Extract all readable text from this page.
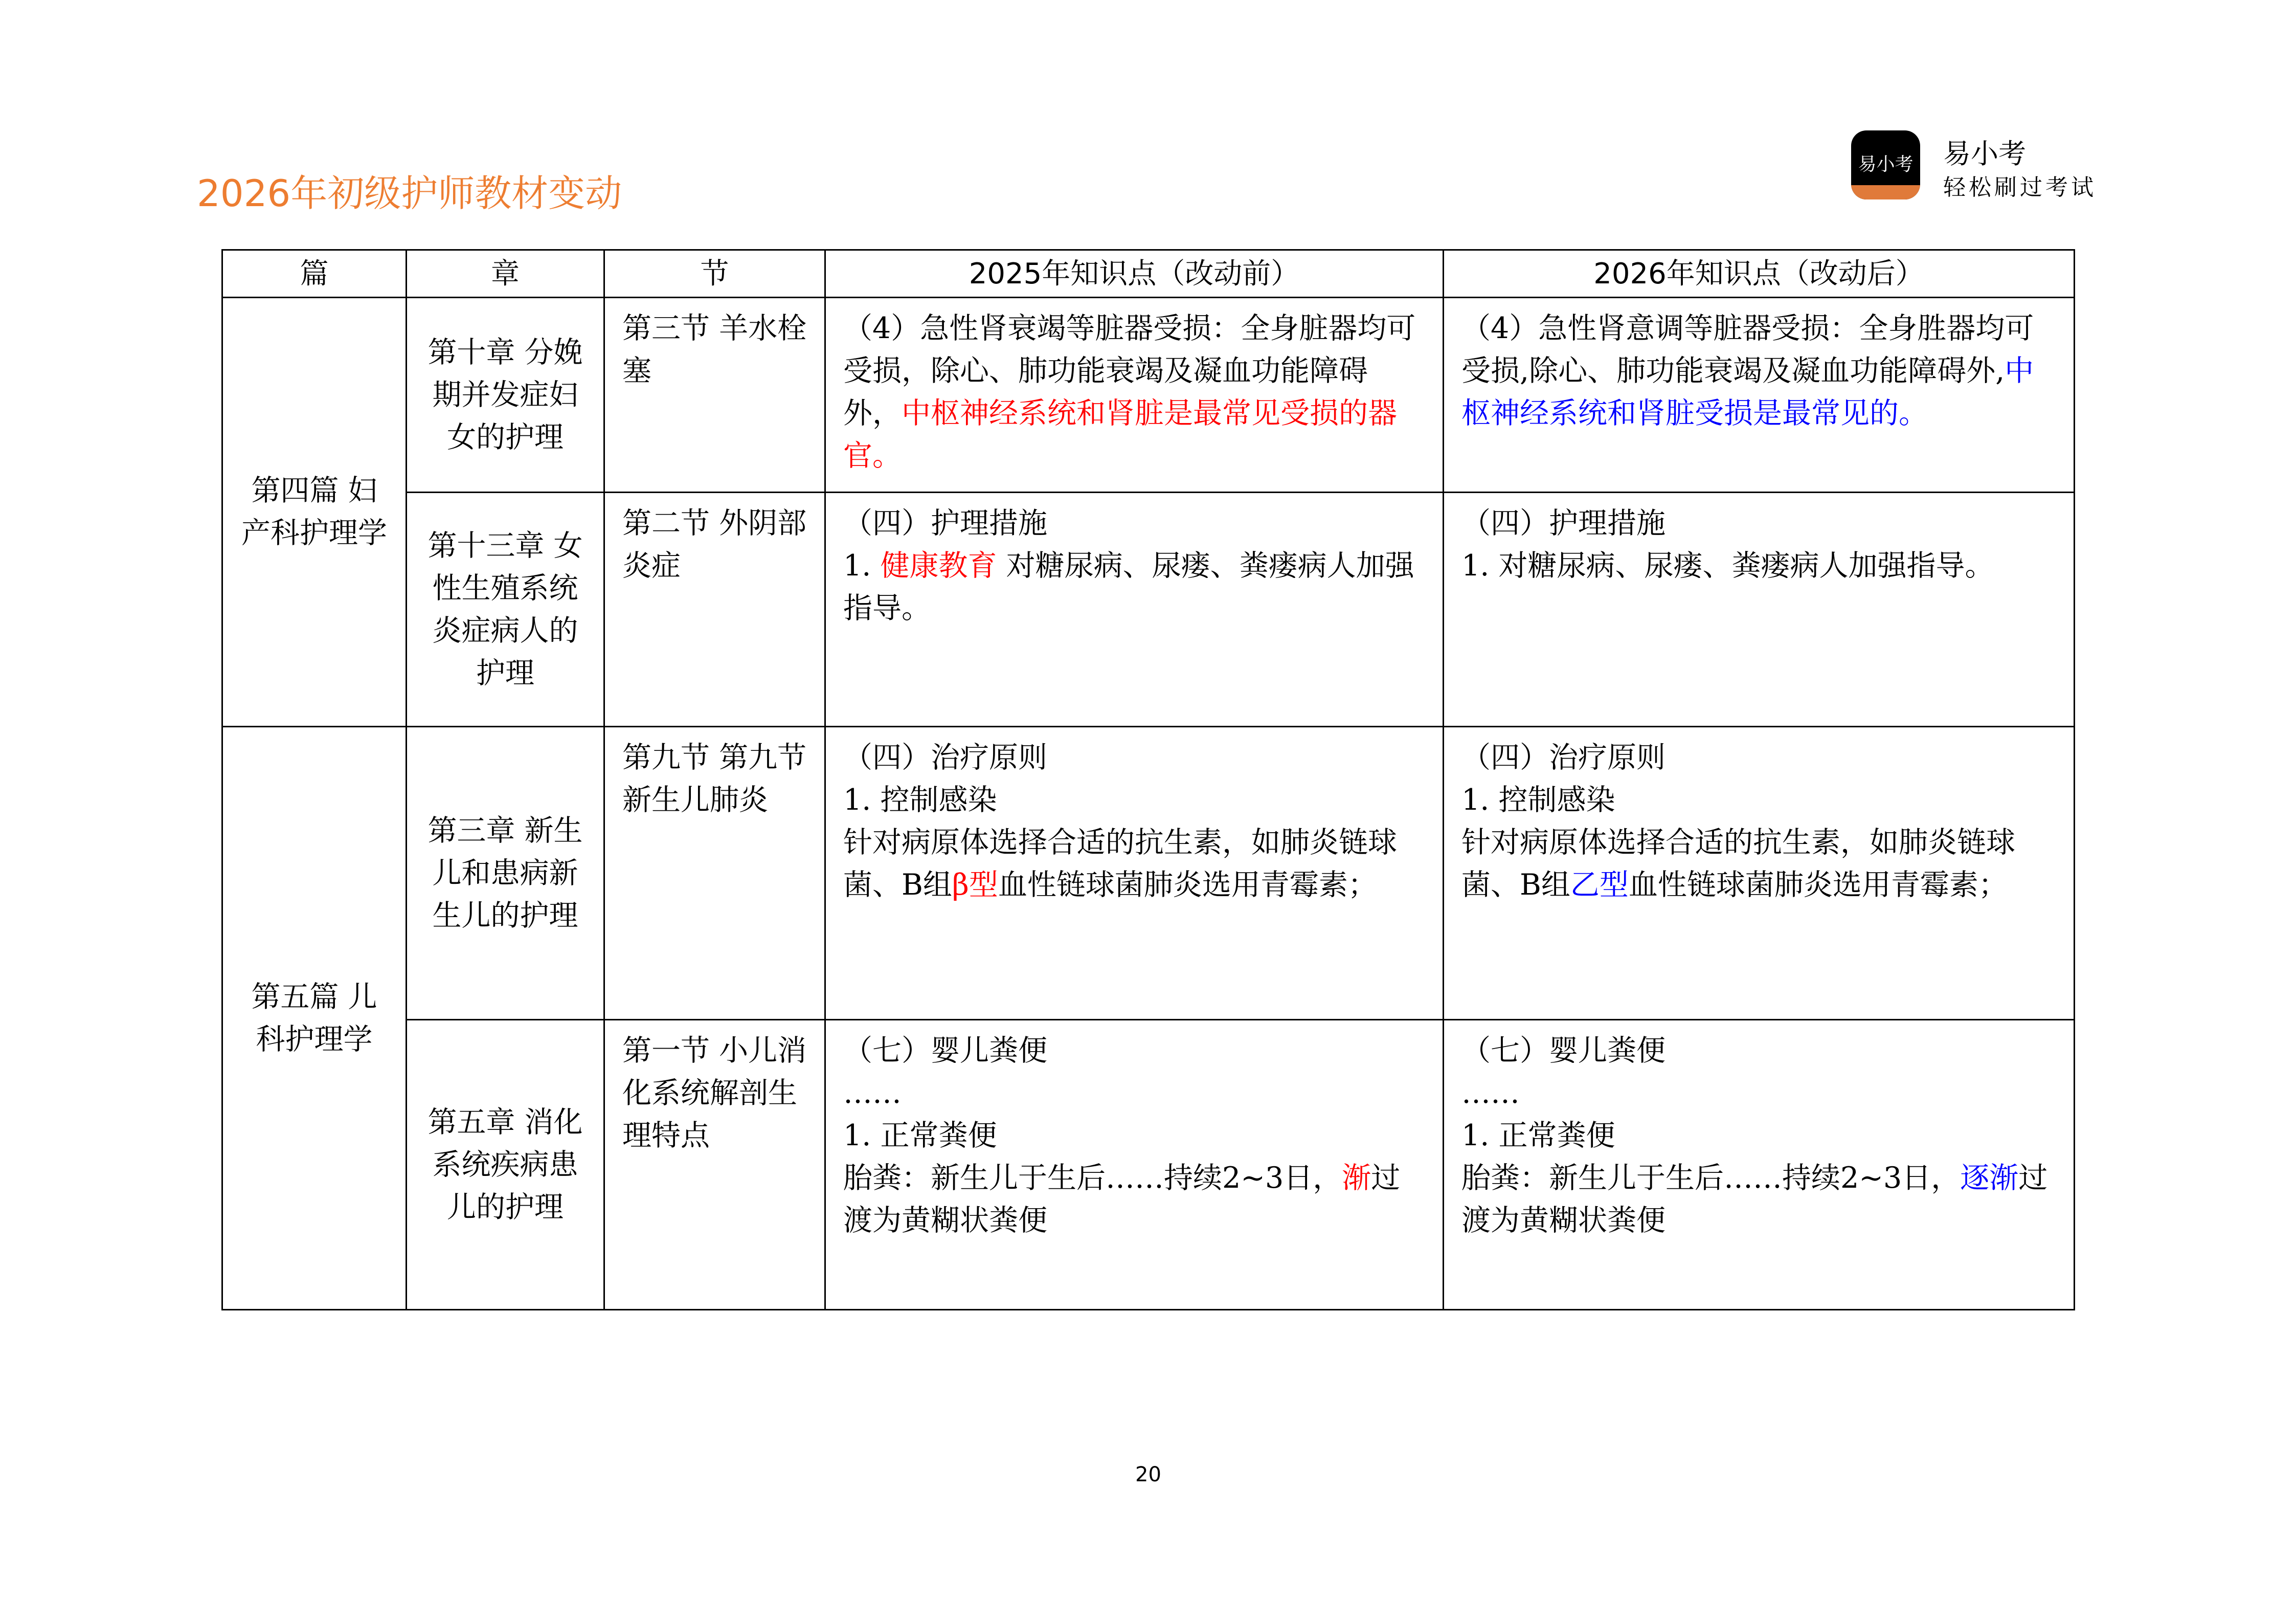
2026年初级护师教材变动
易小考 易小考
轻松刷过考试
篇	章	节	2025年知识点（改动前）	2026年知识点（改动后）
第四篇 妇产科护理学	第十章 分娩期并发症妇女的护理	第三节 羊水栓塞	（4）急性肾衰竭等脏器受损：全身脏器均可受损，除心、肺功能衰竭及凝血功能障碍外，中枢神经系统和肾脏是最常见受损的器官。	（4）急性肾意调等脏器受损：全身胜器均可受损,除心、肺功能衰竭及凝血功能障碍外,中枢神经系统和肾脏受损是最常见的。
	第十三章 女性生殖系统炎症病人的护理	第二节 外阴部炎症	（四）护理措施
1. 健康教育 对糖尿病、尿瘘、粪瘘病人加强指导。	（四）护理措施
1. 对糖尿病、尿瘘、粪瘘病人加强指导。
第五篇 儿科护理学	第三章 新生儿和患病新生儿的护理	第九节 第九节新生儿肺炎	（四）治疗原则
1. 控制感染
针对病原体选择合适的抗生素，如肺炎链球菌、B组β型血性链球菌肺炎选用青霉素；	（四）治疗原则
1. 控制感染
针对病原体选择合适的抗生素，如肺炎链球菌、B组乙型血性链球菌肺炎选用青霉素；
	第五章 消化系统疾病患儿的护理	第一节 小儿消化系统解剖生理特点	（七）婴儿粪便
……
1. 正常粪便
胎粪：新生儿于生后……持续2~3日，渐过渡为黄糊状粪便	（七）婴儿粪便
……
1. 正常粪便
胎粪：新生儿于生后……持续2~3日，逐渐过渡为黄糊状粪便
20
